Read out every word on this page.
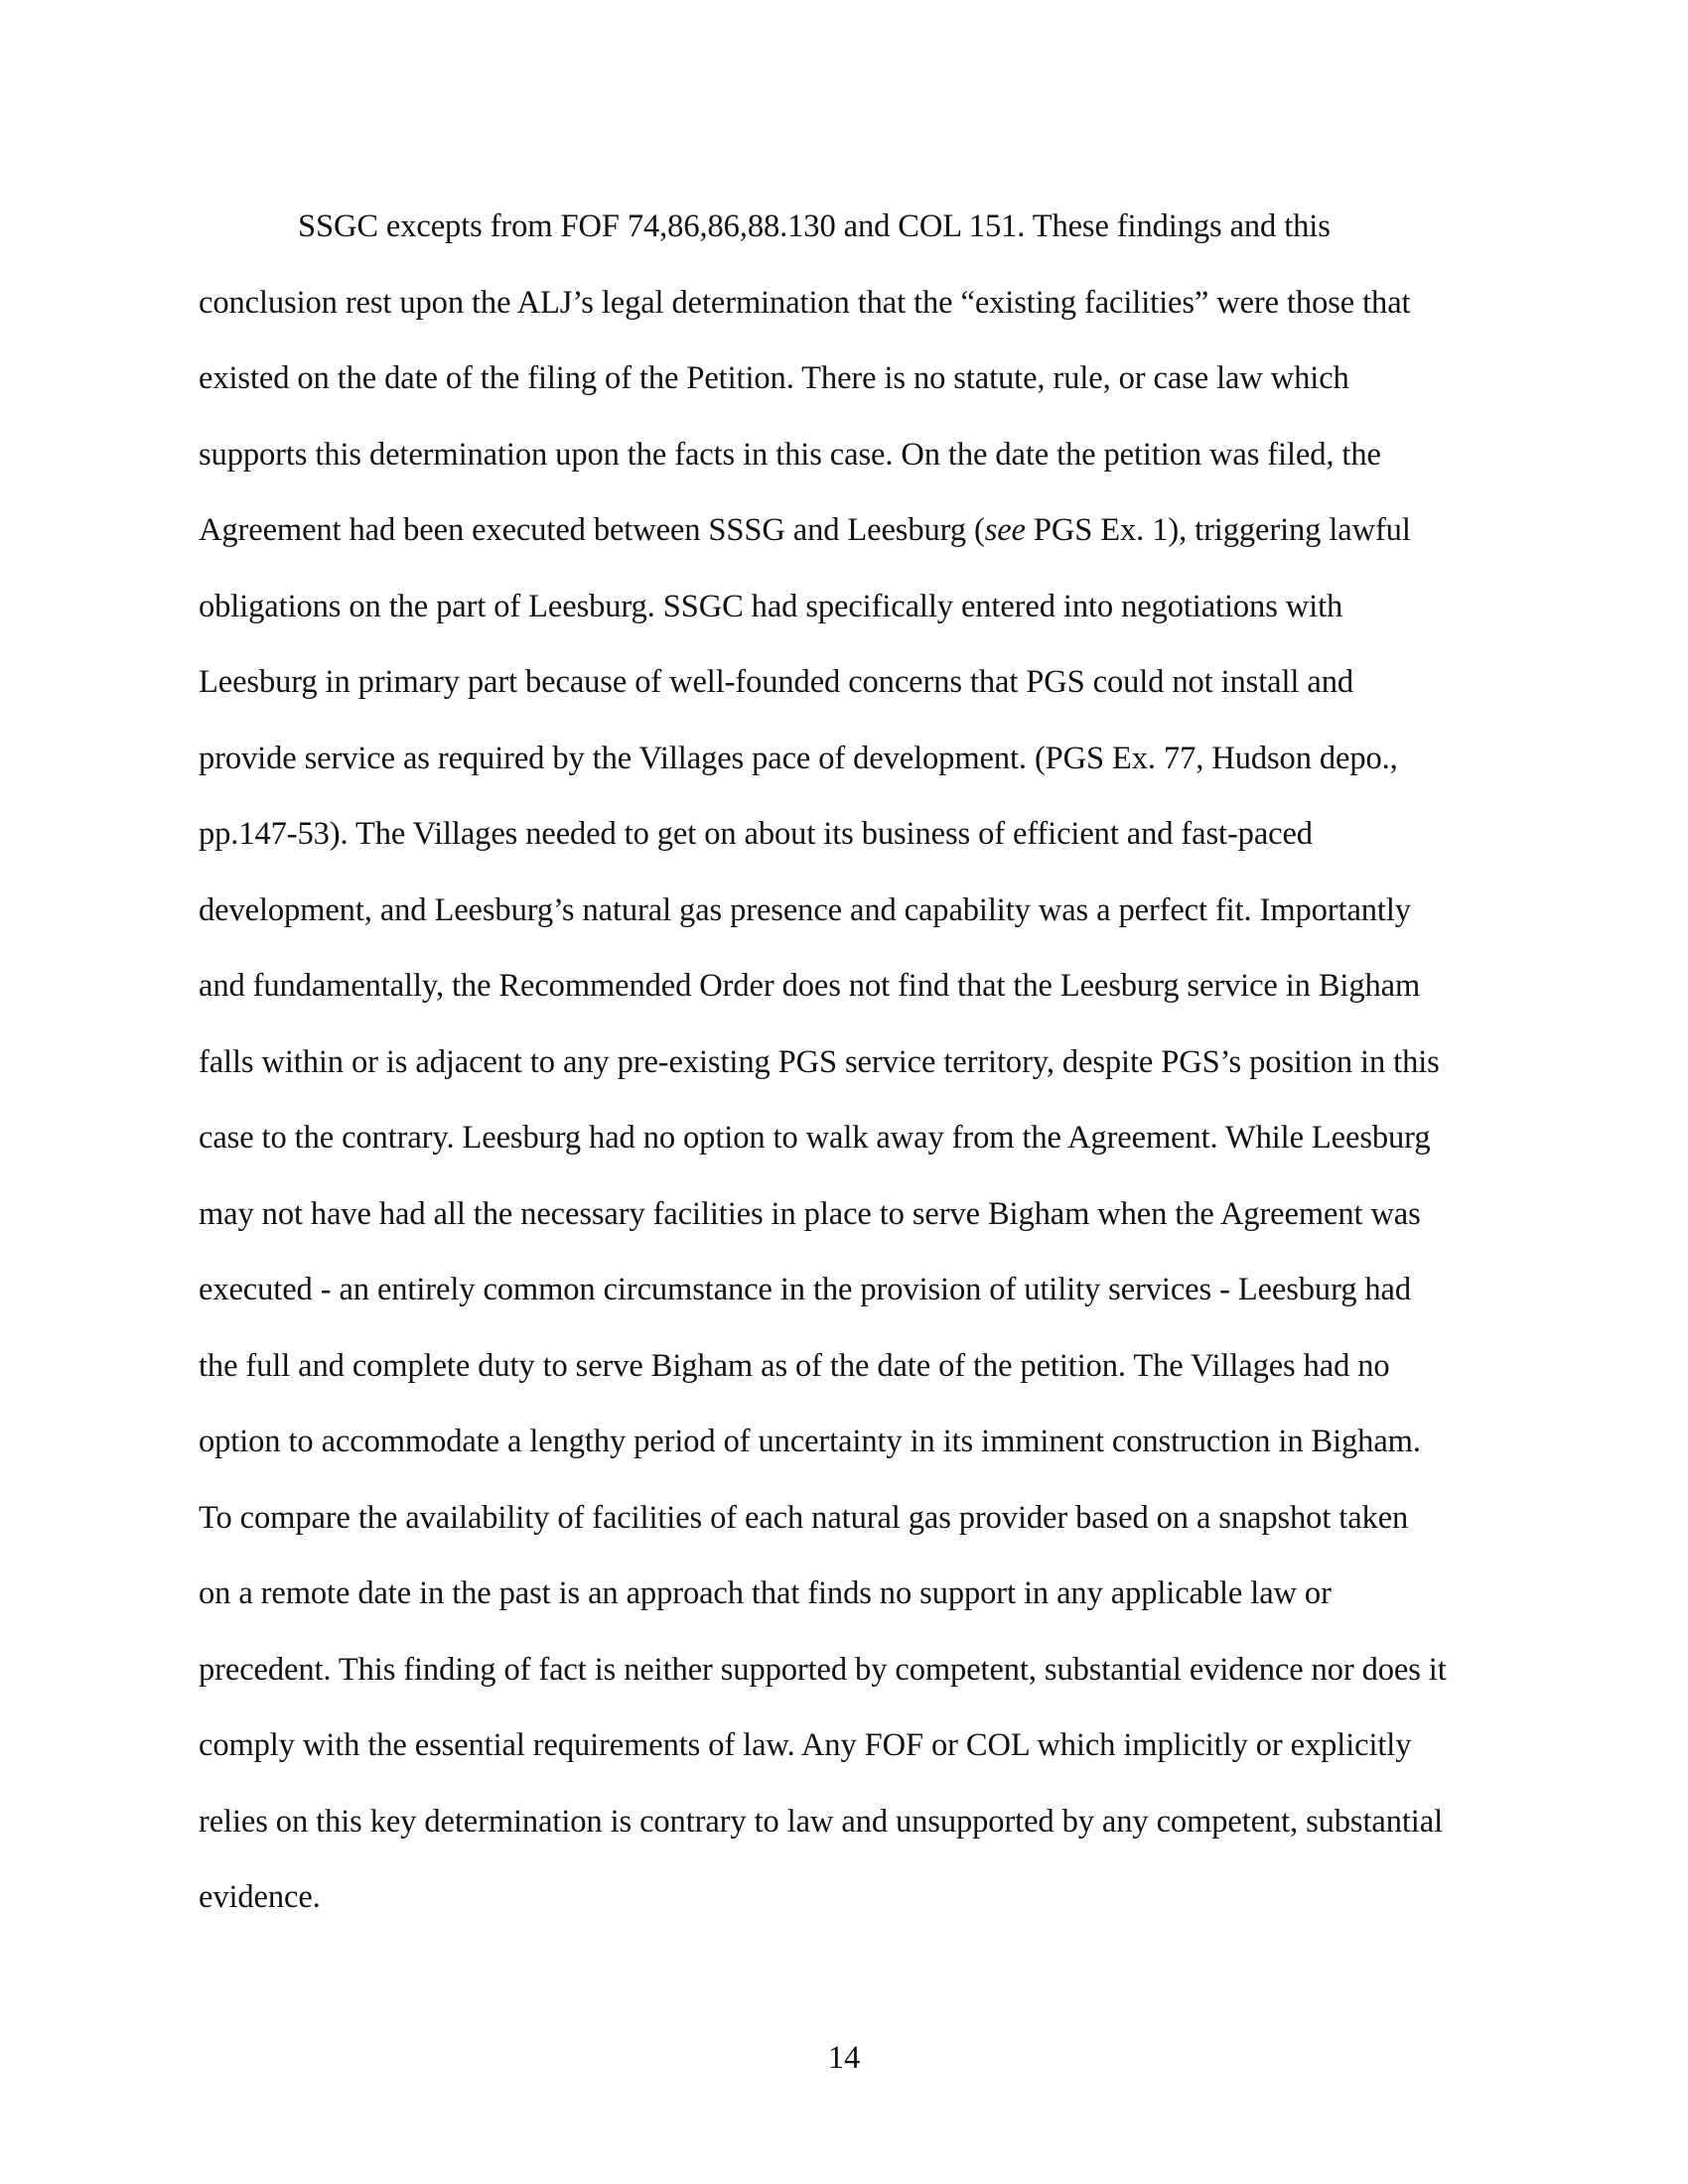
SSGC excepts from FOF 74,86,86,88.130 and COL 151. These findings and this
conclusion rest upon the ALJ’s legal determination that the “existing facilities” were those that
existed on the date of the filing of the Petition. There is no statute, rule, or case law which
supports this determination upon the facts in this case. On the date the petition was filed, the
Agreement had been executed between SSSG and Leesburg (see PGS Ex. 1), triggering lawful
obligations on the part of Leesburg. SSGC had specifically entered into negotiations with
Leesburg in primary part because of well-founded concerns that PGS could not install and
provide service as required by the Villages pace of development. (PGS Ex. 77, Hudson depo.,
pp.147-53). The Villages needed to get on about its business of efficient and fast-paced
development, and Leesburg’s natural gas presence and capability was a perfect fit. Importantly
and fundamentally, the Recommended Order does not find that the Leesburg service in Bigham
falls within or is adjacent to any pre-existing PGS service territory, despite PGS’s position in this
case to the contrary. Leesburg had no option to walk away from the Agreement. While Leesburg
may not have had all the necessary facilities in place to serve Bigham when the Agreement was
executed - an entirely common circumstance in the provision of utility services - Leesburg had
the full and complete duty to serve Bigham as of the date of the petition. The Villages had no
option to accommodate a lengthy period of uncertainty in its imminent construction in Bigham.
To compare the availability of facilities of each natural gas provider based on a snapshot taken
on a remote date in the past is an approach that finds no support in any applicable law or
precedent. This finding of fact is neither supported by competent, substantial evidence nor does it
comply with the essential requirements of law. Any FOF or COL which implicitly or explicitly
relies on this key determination is contrary to law and unsupported by any competent, substantial
evidence.
14
